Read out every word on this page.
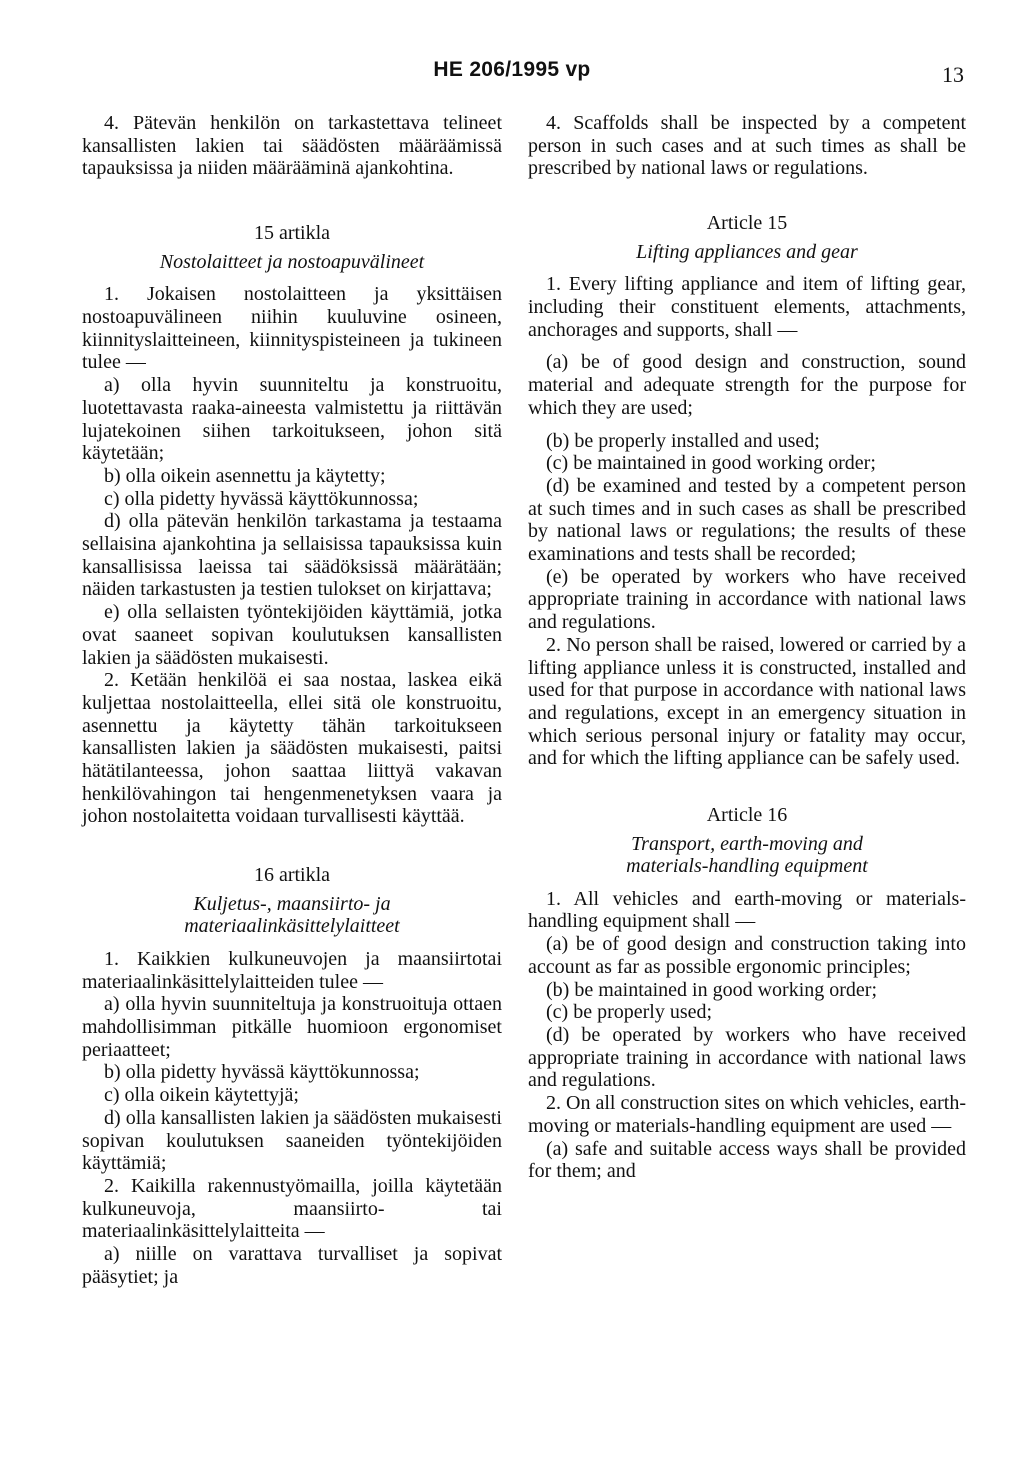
HE 206/1995 vp	13

4. Pätevän henkilön on tarkastettava telineet kansallisten lakien tai säädösten määräämissä tapauksissa ja niiden määrääminä ajankohtina.

15 artikla
Nostolaitteet ja nostoapuvälineet

1. Jokaisen nostolaitteen ja yksittäisen nostoapuvälineen niihin kuuluvine osineen, kiinnityslaitteineen, kiinnityspisteineen ja tukineen tulee —

a) olla hyvin suunniteltu ja konstruoitu, luotettavasta raaka-aineesta valmistettu ja riittävän lujatekoinen siihen tarkoitukseen, johon sitä käytetään;

b) olla oikein asennettu ja käytetty;

c) olla pidetty hyvässä käyttökunnossa;

d) olla pätevän henkilön tarkastama ja testaama sellaisina ajankohtina ja sellaisissa tapauksissa kuin kansallisissa laeissa tai säädöksissä määrätään; näiden tarkastusten ja testien tulokset on kirjattava;

e) olla sellaisten työntekijöiden käyttämiä, jotka ovat saaneet sopivan koulutuksen kansallisten lakien ja säädösten mukaisesti.

2. Ketään henkilöä ei saa nostaa, laskea eikä kuljettaa nostolaitteella, ellei sitä ole konstruoitu, asennettu ja käytetty tähän tarkoitukseen kansallisten lakien ja säädösten mukaisesti, paitsi hätätilanteessa, johon saattaa liittyä vakavan henkilövahingon tai hengenmenetyksen vaara ja johon nostolaitetta voidaan turvallisesti käyttää.

16 artikla
Kuljetus-, maansiirto- ja materiaalinkäsittelylaitteet

1. Kaikkien kulkuneuvojen ja maansiirtotai materiaalinkäsittelylaitteiden tulee —

a) olla hyvin suunniteltuja ja konstruoituja ottaen mahdollisimman pitkälle huomioon ergonomiset periaatteet;

b) olla pidetty hyvässä käyttökunnossa;

c) olla oikein käytettyjä;

d) olla kansallisten lakien ja säädösten mukaisesti sopivan koulutuksen saaneiden työntekijöiden käyttämiä;

2. Kaikilla rakennustyömailla, joilla käytetään kulkuneuvoja, maansiirto- tai materiaalinkäsittelylaitteita —

a) niille on varattava turvalliset ja sopivat pääsytiet; ja

4. Scaffolds shall be inspected by a competent person in such cases and at such times as shall be prescribed by national laws or regulations.

Article 15
Lifting appliances and gear

1. Every lifting appliance and item of lifting gear, including their constituent elements, attachments, anchorages and supports, shall —

(a) be of good design and construction, sound material and adequate strength for the purpose for which they are used;

(b) be properly installed and used;

(c) be maintained in good working order;

(d) be examined and tested by a competent person at such times and in such cases as shall be prescribed by national laws or regulations; the results of these examinations and tests shall be recorded;

(e) be operated by workers who have received appropriate training in accordance with national laws and regulations.

2. No person shall be raised, lowered or carried by a lifting appliance unless it is constructed, installed and used for that purpose in accordance with national laws and regulations, except in an emergency situation in which serious personal injury or fatality may occur, and for which the lifting appliance can be safely used.

Article 16
Transport, earth-moving and materials-handling equipment

1. All vehicles and earth-moving or materials-handling equipment shall —

(a) be of good design and construction taking into account as far as possible ergonomic principles;

(b) be maintained in good working order;

(c) be properly used;

(d) be operated by workers who have received appropriate training in accordance with national laws and regulations.

2. On all construction sites on which vehicles, earth-moving or materials-handling equipment are used —

(a) safe and suitable access ways shall be provided for them; and
